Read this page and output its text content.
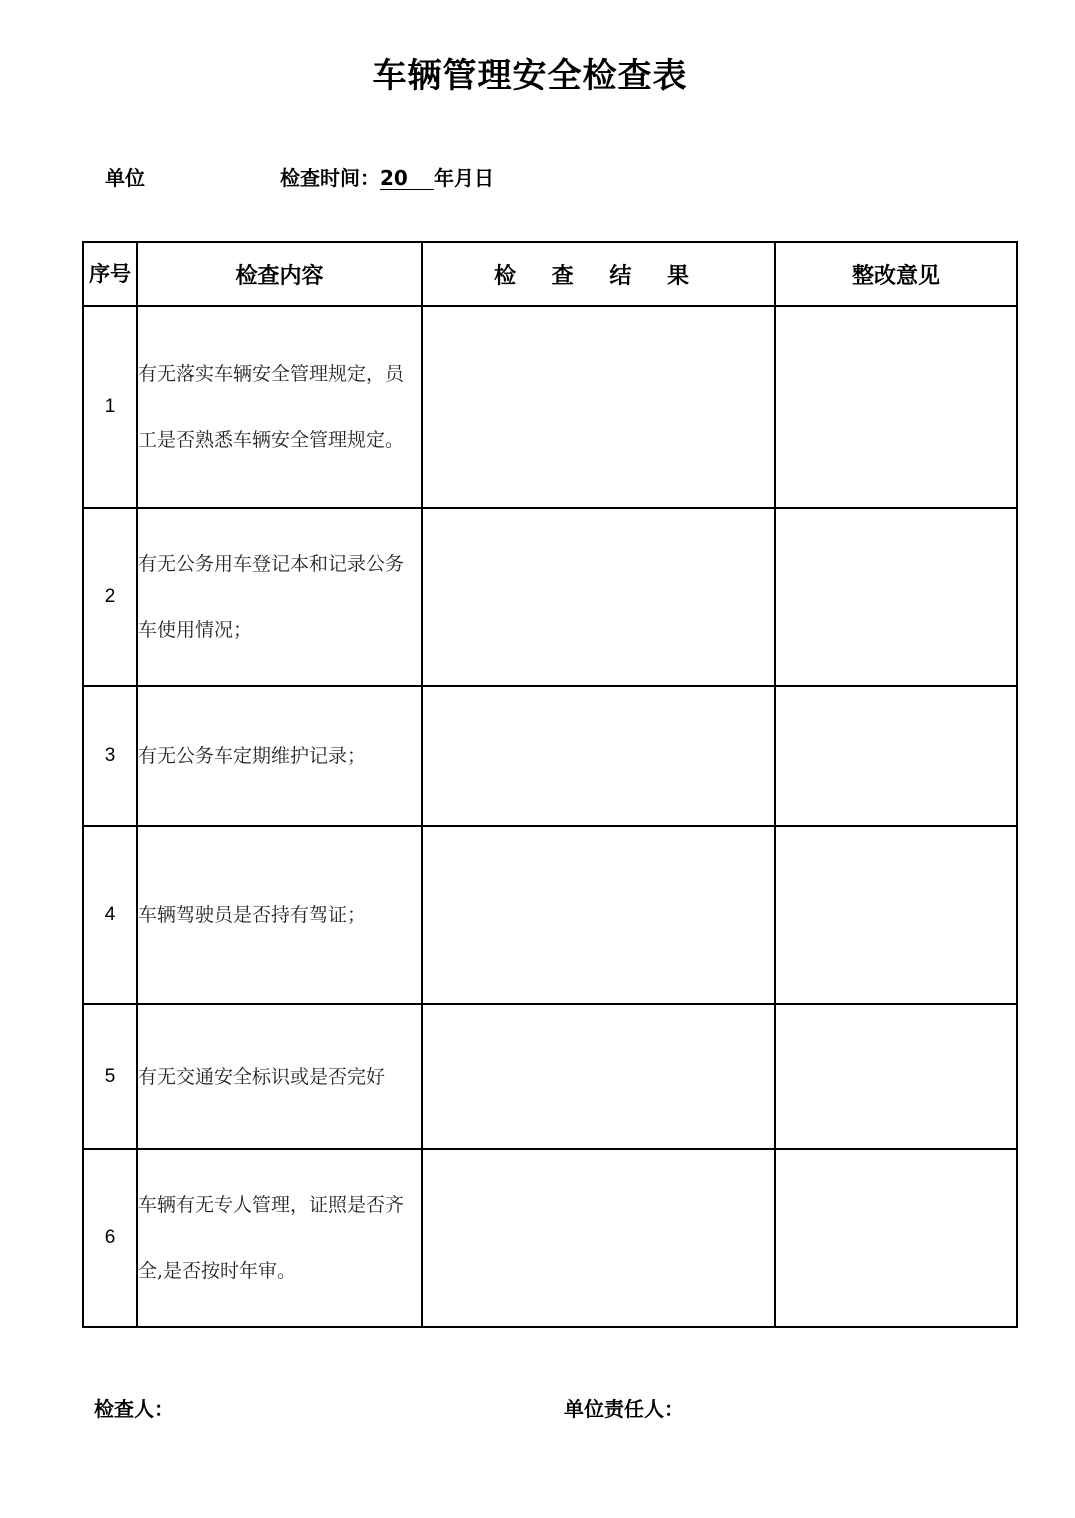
车辆管理安全检查表
单位	检查时间：20 年月日
序号	检查内容	检 查 结 果	整改意见
1	有无落实车辆安全管理规定，员工是否熟悉车辆安全管理规定。		
2	有无公务用车登记本和记录公务车使用情况；		
3	有无公务车定期维护记录；		
4	车辆驾驶员是否持有驾证；		
5	有无交通安全标识或是否完好		
6	车辆有无专人管理，证照是否齐全,是否按时年审。		
检查人：	单位责任人：
